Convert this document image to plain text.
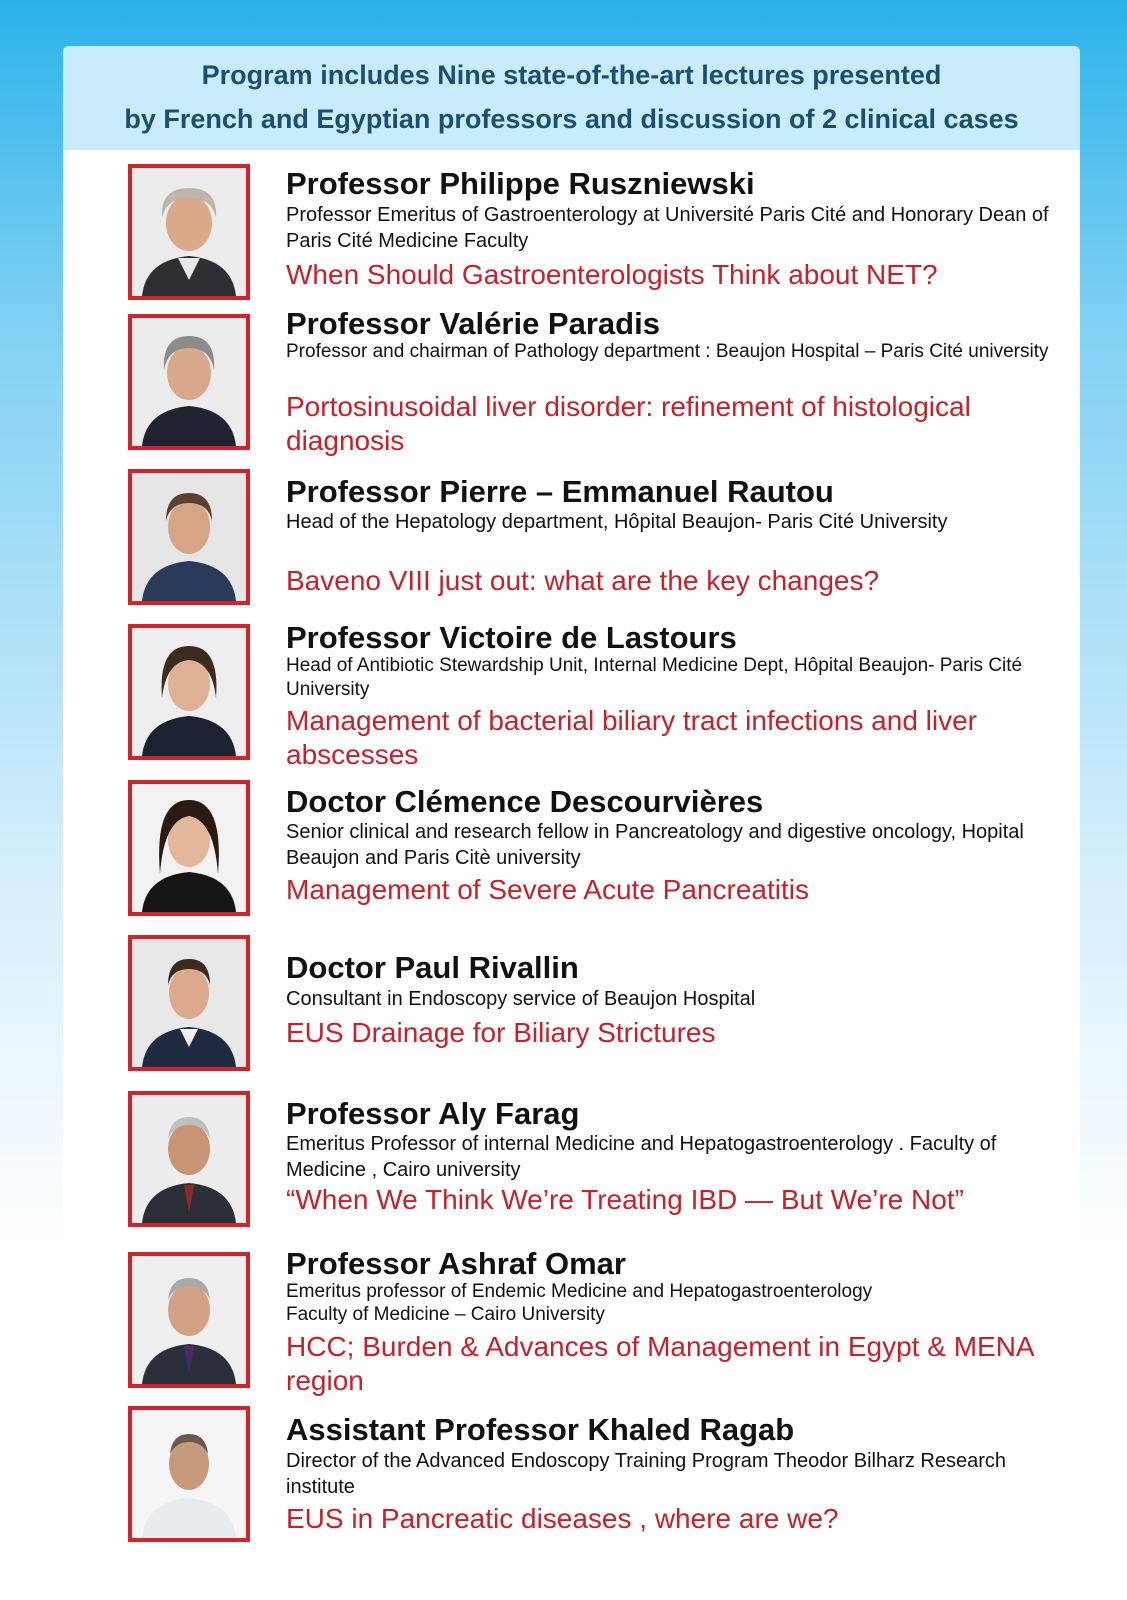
Program includes Nine state-of-the-art lectures presented
by French and Egyptian professors and discussion of 2 clinical cases
Professor Philippe Ruszniewski
Professor Emeritus of Gastroenterology at Université Paris Cité and Honorary Dean of Paris Cité Medicine Faculty
When Should Gastroenterologists Think about NET?
Professor Valérie Paradis
Professor and chairman of Pathology department : Beaujon Hospital – Paris Cité university
Portosinusoidal liver disorder: refinement of histological diagnosis
Professor Pierre – Emmanuel Rautou
Head of the Hepatology department, Hôpital Beaujon- Paris Cité University
Baveno VIII just out: what are the key changes?
Professor Victoire de Lastours
Head of Antibiotic Stewardship Unit, Internal Medicine Dept, Hôpital Beaujon- Paris Cité University
Management of bacterial biliary tract infections and liver abscesses
Doctor Clémence Descourvières
Senior clinical and research fellow in Pancreatology and digestive oncology, Hopital Beaujon and Paris Citè university
Management of Severe Acute Pancreatitis
Doctor Paul Rivallin
Consultant in Endoscopy service of Beaujon Hospital
EUS Drainage for Biliary Strictures
Professor Aly Farag
Emeritus Professor of internal Medicine and Hepatogastroenterology . Faculty of Medicine , Cairo university
“When We Think We’re Treating IBD — But We’re Not”
Professor Ashraf Omar
Emeritus professor of Endemic Medicine and Hepatogastroenterology
Faculty of Medicine – Cairo University
HCC; Burden & Advances of Management in Egypt & MENA region
Assistant Professor Khaled Ragab
Director of the Advanced Endoscopy Training Program Theodor Bilharz Research institute
EUS in Pancreatic diseases , where are we?
